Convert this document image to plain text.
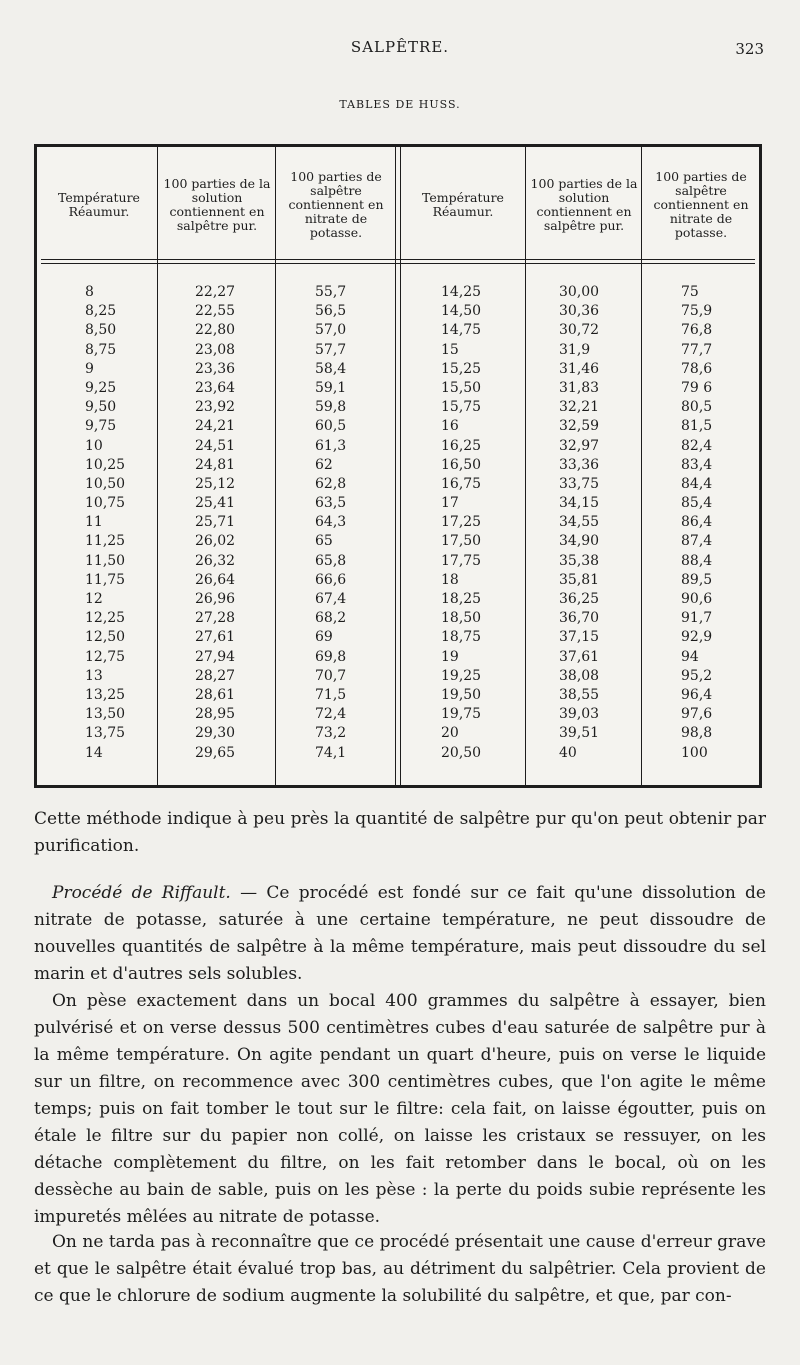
SALPÊTRE.	323
TABLES DE HUSS.
Température Réaumur.
100 parties de la solution contiennent en salpêtre pur.
100 parties de salpêtre contiennent en nitrate de potasse.
Température Réaumur.
100 parties de la solution contiennent en salpêtre pur.
100 parties de salpêtre contiennent en nitrate de potasse.
8
8,25
8,50
8,75
9
9,25
9,50
9,75
10
10,25
10,50
10,75
11
11,25
11,50
11,75
12
12,25
12,50
12,75
13
13,25
13,50
13,75
14
22,27
22,55
22,80
23,08
23,36
23,64
23,92
24,21
24,51
24,81
25,12
25,41
25,71
26,02
26,32
26,64
26,96
27,28
27,61
27,94
28,27
28,61
28,95
29,30
29,65
55,7
56,5
57,0
57,7
58,4
59,1
59,8
60,5
61,3
62
62,8
63,5
64,3
65
65,8
66,6
67,4
68,2
69
69,8
70,7
71,5
72,4
73,2
74,1
14,25
14,50
14,75
15
15,25
15,50
15,75
16
16,25
16,50
16,75
17
17,25
17,50
17,75
18
18,25
18,50
18,75
19
19,25
19,50
19,75
20
20,50
30,00
30,36
30,72
31,9
31,46
31,83
32,21
32,59
32,97
33,36
33,75
34,15
34,55
34,90
35,38
35,81
36,25
36,70
37,15
37,61
38,08
38,55
39,03
39,51
40
75
75,9
76,8
77,7
78,6
79 6
80,5
81,5
82,4
83,4
84,4
85,4
86,4
87,4
88,4
89,5
90,6
91,7
92,9
94
95,2
96,4
97,6
98,8
100

Cette méthode indique à peu près la quantité de salpêtre pur qu'on peut obtenir par purification.

Procédé de Riffault. — Ce procédé est fondé sur ce fait qu'une dissolution de nitrate de potasse, saturée à une certaine température, ne peut dissoudre de nouvelles quantités de salpêtre à la même température, mais peut dissoudre du sel marin et d'autres sels solubles.
On pèse exactement dans un bocal 400 grammes du salpêtre à essayer, bien pulvérisé et on verse dessus 500 centimètres cubes d'eau saturée de salpêtre pur à la même température. On agite pendant un quart d'heure, puis on verse le liquide sur un filtre, on recommence avec 300 centimètres cubes, que l'on agite le même temps; puis on fait tomber le tout sur le filtre: cela fait, on laisse égoutter, puis on étale le filtre sur du papier non collé, on laisse les cristaux se ressuyer, on les détache complètement du filtre, on les fait retomber dans le bocal, où on les dessèche au bain de sable, puis on les pèse : la perte du poids subie représente les impuretés mêlées au nitrate de potasse.
On ne tarda pas à reconnaître que ce procédé présentait une cause d'erreur grave et que le salpêtre était évalué trop bas, au détriment du salpêtrier. Cela provient de ce que le chlorure de sodium augmente la solubilité du salpêtre, et que, par con-
